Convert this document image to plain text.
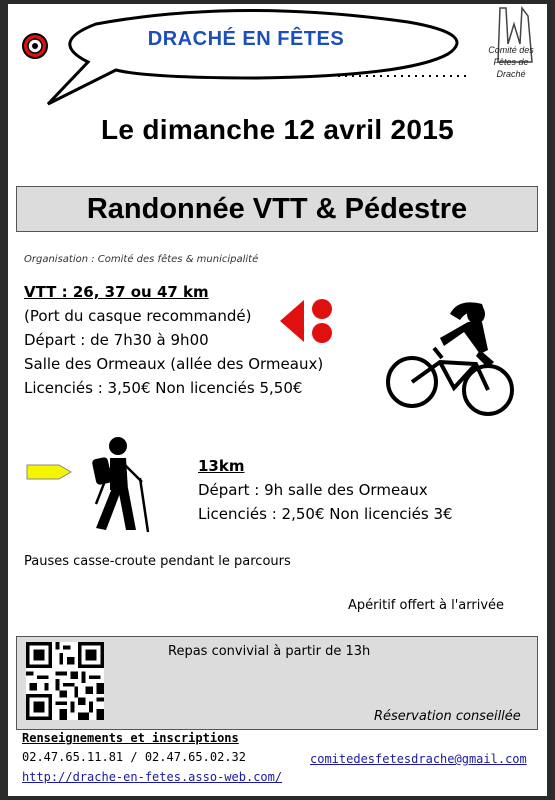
DRACHÉ EN FÊTES	Comité des
Fêtes de
Draché
Le dimanche 12 avril 2015
Randonnée VTT & Pédestre
Organisation : Comité des fêtes & municipalité
VTT : 26, 37 ou 47 km
(Port du casque recommandé)
Départ : de 7h30 à 9h00
Salle des Ormeaux (allée des Ormeaux)
Licenciés : 3,50€ Non licenciés 5,50€
13km
Départ : 9h salle des Ormeaux
Licenciés : 2,50€ Non licenciés 3€
Pauses casse-croute pendant le parcours
Apéritif offert à l'arrivée
Repas convivial à partir de 13h
Réservation conseillée
Renseignements et inscriptions
02.47.65.11.81 / 02.47.65.02.32
http://drache-en-fetes.asso-web.com/
comitedesfetesdrache@gmail.com
